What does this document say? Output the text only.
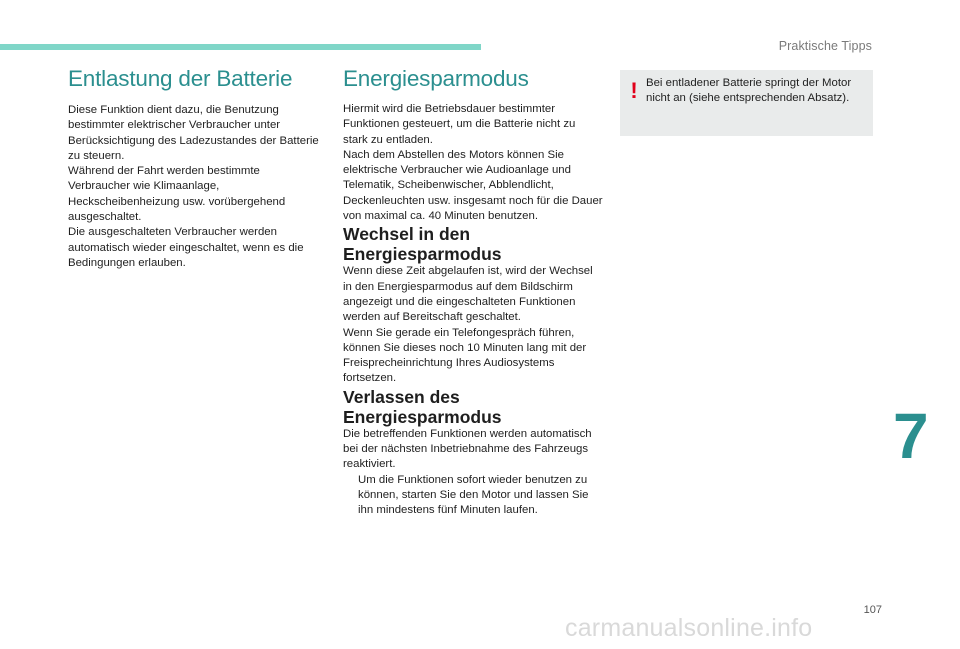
Praktische Tipps
Entlastung der Batterie

Diese Funktion dient dazu, die Benutzung bestimmter elektrischer Verbraucher unter Berücksichtigung des Ladezustandes der Batterie zu steuern.
Während der Fahrt werden bestimmte Verbraucher wie Klimaanlage, Heckscheibenheizung usw. vorübergehend ausgeschaltet.
Die ausgeschalteten Verbraucher werden automatisch wieder eingeschaltet, wenn es die Bedingungen erlauben.

Energiesparmodus

Hiermit wird die Betriebsdauer bestimmter Funktionen gesteuert, um die Batterie nicht zu stark zu entladen.
Nach dem Abstellen des Motors können Sie elektrische Verbraucher wie Audioanlage und Telematik, Scheibenwischer, Abblendlicht, Deckenleuchten usw. insgesamt noch für die Dauer von maximal ca. 40 Minuten benutzen.

Wechsel in den Energiesparmodus

Wenn diese Zeit abgelaufen ist, wird der Wechsel in den Energiesparmodus auf dem Bildschirm angezeigt und die eingeschalteten Funktionen werden auf Bereitschaft geschaltet.
Wenn Sie gerade ein Telefongespräch führen, können Sie dieses noch 10 Minuten lang mit der Freisprecheinrichtung Ihres Audiosystems fortsetzen.

Verlassen des Energiesparmodus

Die betreffenden Funktionen werden automatisch bei der nächsten Inbetriebnahme des Fahrzeugs reaktiviert.

Um die Funktionen sofort wieder benutzen zu können, starten Sie den Motor und lassen Sie ihn mindestens fünf Minuten laufen.

! Bei entladener Batterie springt der Motor nicht an (siehe entsprechenden Absatz).

7
107
carmanualsonline.info
